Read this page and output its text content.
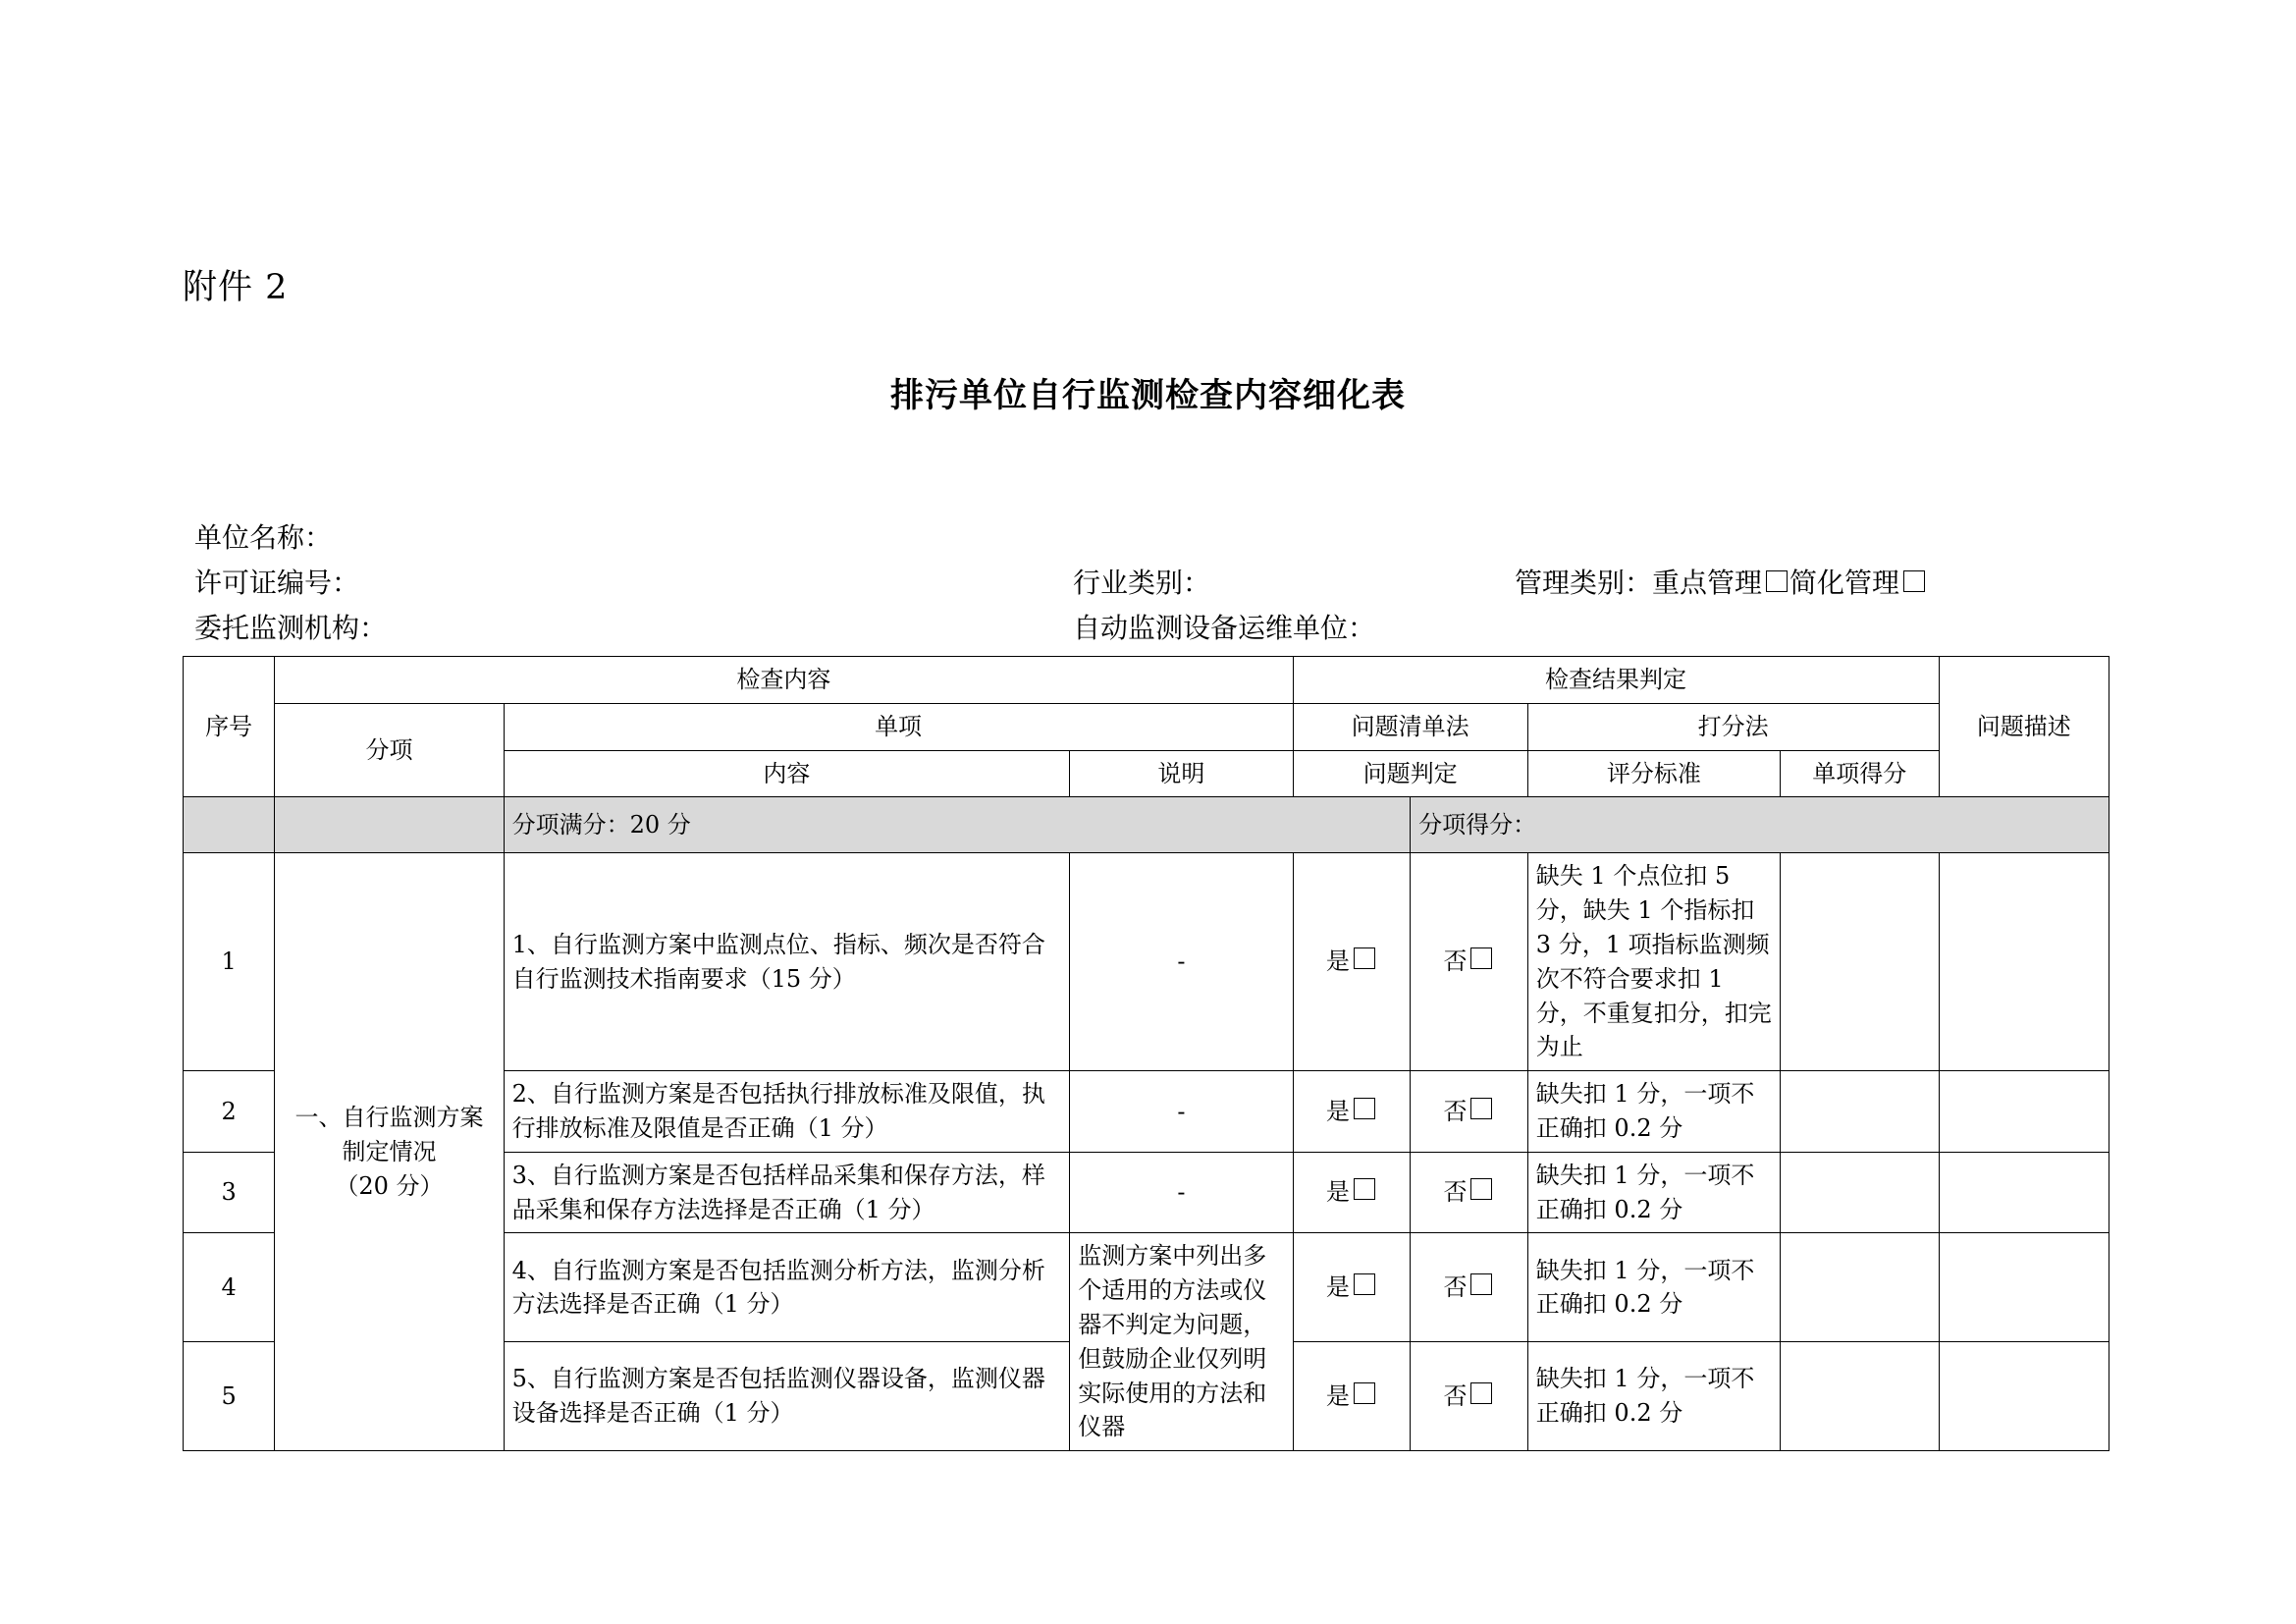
附件 2
排污单位自行监测检查内容细化表
单位名称：
许可证编号：	行业类别：	管理类别：重点管理 简化管理
委托监测机构：	自动监测设备运维单位：
序号	检查内容			检查结果判定				问题描述
	分项	单项		问题清单法		打分法		
		内容	说明	问题判定		评分标准	单项得分	
		分项满分：20 分			分项得分：			
1	一、自行监测方案
制定情况
（20 分）	1、自行监测方案中监测点位、指标、频次是否符合自行监测技术指南要求（15 分）	-	是	否	缺失 1 个点位扣 5 分，缺失 1 个指标扣 3 分，1 项指标监测频次不符合要求扣 1 分，不重复扣分，扣完为止		
2		2、自行监测方案是否包括执行排放标准及限值，执行排放标准及限值是否正确（1 分）	-	是	否	缺失扣 1 分，一项不正确扣 0.2 分		
3		3、自行监测方案是否包括样品采集和保存方法，样品采集和保存方法选择是否正确（1 分）	-	是	否	缺失扣 1 分，一项不正确扣 0.2 分		
4		4、自行监测方案是否包括监测分析方法，监测分析方法选择是否正确（1 分）	监测方案中列出多个适用的方法或仪器不判定为问题，但鼓励企业仅列明实际使用的方法和仪器	是	否	缺失扣 1 分，一项不正确扣 0.2 分		
5		5、自行监测方案是否包括监测仪器设备，监测仪器设备选择是否正确（1 分）		是	否	缺失扣 1 分，一项不正确扣 0.2 分		
